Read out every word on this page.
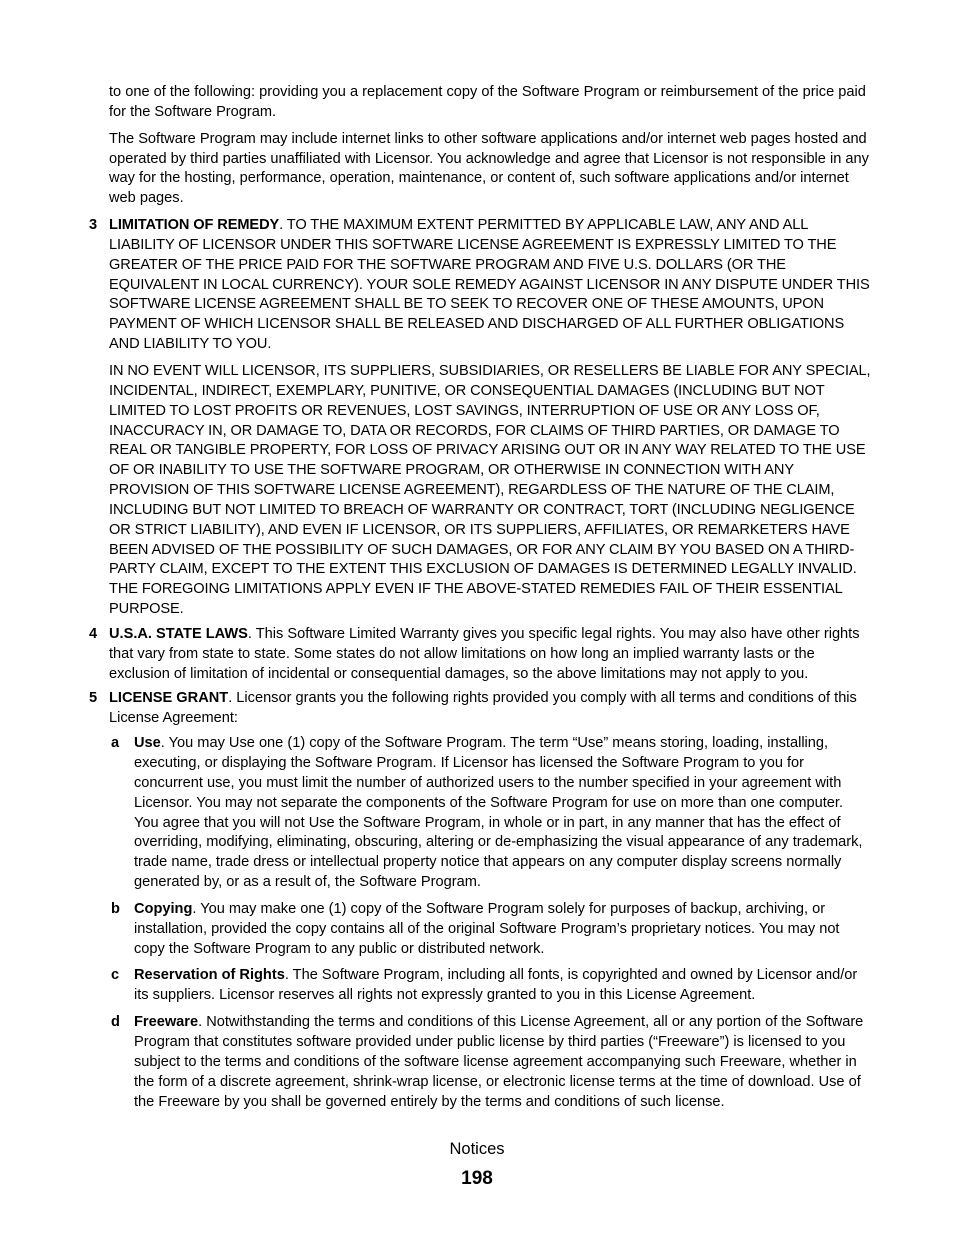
to one of the following: providing you a replacement copy of the Software Program or reimbursement of the price paid for the Software Program.

The Software Program may include internet links to other software applications and/or internet web pages hosted and operated by third parties unaffiliated with Licensor. You acknowledge and agree that Licensor is not responsible in any way for the hosting, performance, operation, maintenance, or content of, such software applications and/or internet web pages.

3 LIMITATION OF REMEDY. TO THE MAXIMUM EXTENT PERMITTED BY APPLICABLE LAW, ANY AND ALL LIABILITY OF LICENSOR UNDER THIS SOFTWARE LICENSE AGREEMENT IS EXPRESSLY LIMITED TO THE GREATER OF THE PRICE PAID FOR THE SOFTWARE PROGRAM AND FIVE U.S. DOLLARS (OR THE EQUIVALENT IN LOCAL CURRENCY). YOUR SOLE REMEDY AGAINST LICENSOR IN ANY DISPUTE UNDER THIS SOFTWARE LICENSE AGREEMENT SHALL BE TO SEEK TO RECOVER ONE OF THESE AMOUNTS, UPON PAYMENT OF WHICH LICENSOR SHALL BE RELEASED AND DISCHARGED OF ALL FURTHER OBLIGATIONS AND LIABILITY TO YOU.

IN NO EVENT WILL LICENSOR, ITS SUPPLIERS, SUBSIDIARIES, OR RESELLERS BE LIABLE FOR ANY SPECIAL, INCIDENTAL, INDIRECT, EXEMPLARY, PUNITIVE, OR CONSEQUENTIAL DAMAGES (INCLUDING BUT NOT LIMITED TO LOST PROFITS OR REVENUES, LOST SAVINGS, INTERRUPTION OF USE OR ANY LOSS OF, INACCURACY IN, OR DAMAGE TO, DATA OR RECORDS, FOR CLAIMS OF THIRD PARTIES, OR DAMAGE TO REAL OR TANGIBLE PROPERTY, FOR LOSS OF PRIVACY ARISING OUT OR IN ANY WAY RELATED TO THE USE OF OR INABILITY TO USE THE SOFTWARE PROGRAM, OR OTHERWISE IN CONNECTION WITH ANY PROVISION OF THIS SOFTWARE LICENSE AGREEMENT), REGARDLESS OF THE NATURE OF THE CLAIM, INCLUDING BUT NOT LIMITED TO BREACH OF WARRANTY OR CONTRACT, TORT (INCLUDING NEGLIGENCE OR STRICT LIABILITY), AND EVEN IF LICENSOR, OR ITS SUPPLIERS, AFFILIATES, OR REMARKETERS HAVE BEEN ADVISED OF THE POSSIBILITY OF SUCH DAMAGES, OR FOR ANY CLAIM BY YOU BASED ON A THIRD-PARTY CLAIM, EXCEPT TO THE EXTENT THIS EXCLUSION OF DAMAGES IS DETERMINED LEGALLY INVALID. THE FOREGOING LIMITATIONS APPLY EVEN IF THE ABOVE-STATED REMEDIES FAIL OF THEIR ESSENTIAL PURPOSE.

4 U.S.A. STATE LAWS. This Software Limited Warranty gives you specific legal rights. You may also have other rights that vary from state to state. Some states do not allow limitations on how long an implied warranty lasts or the exclusion of limitation of incidental or consequential damages, so the above limitations may not apply to you.

5 LICENSE GRANT. Licensor grants you the following rights provided you comply with all terms and conditions of this License Agreement:

a Use. You may Use one (1) copy of the Software Program. The term “Use” means storing, loading, installing, executing, or displaying the Software Program. If Licensor has licensed the Software Program to you for concurrent use, you must limit the number of authorized users to the number specified in your agreement with Licensor. You may not separate the components of the Software Program for use on more than one computer. You agree that you will not Use the Software Program, in whole or in part, in any manner that has the effect of overriding, modifying, eliminating, obscuring, altering or de-emphasizing the visual appearance of any trademark, trade name, trade dress or intellectual property notice that appears on any computer display screens normally generated by, or as a result of, the Software Program.

b Copying. You may make one (1) copy of the Software Program solely for purposes of backup, archiving, or installation, provided the copy contains all of the original Software Program’s proprietary notices. You may not copy the Software Program to any public or distributed network.

c Reservation of Rights. The Software Program, including all fonts, is copyrighted and owned by Licensor and/or its suppliers. Licensor reserves all rights not expressly granted to you in this License Agreement.

d Freeware. Notwithstanding the terms and conditions of this License Agreement, all or any portion of the Software Program that constitutes software provided under public license by third parties (“Freeware”) is licensed to you subject to the terms and conditions of the software license agreement accompanying such Freeware, whether in the form of a discrete agreement, shrink-wrap license, or electronic license terms at the time of download. Use of the Freeware by you shall be governed entirely by the terms and conditions of such license.

Notices
198
